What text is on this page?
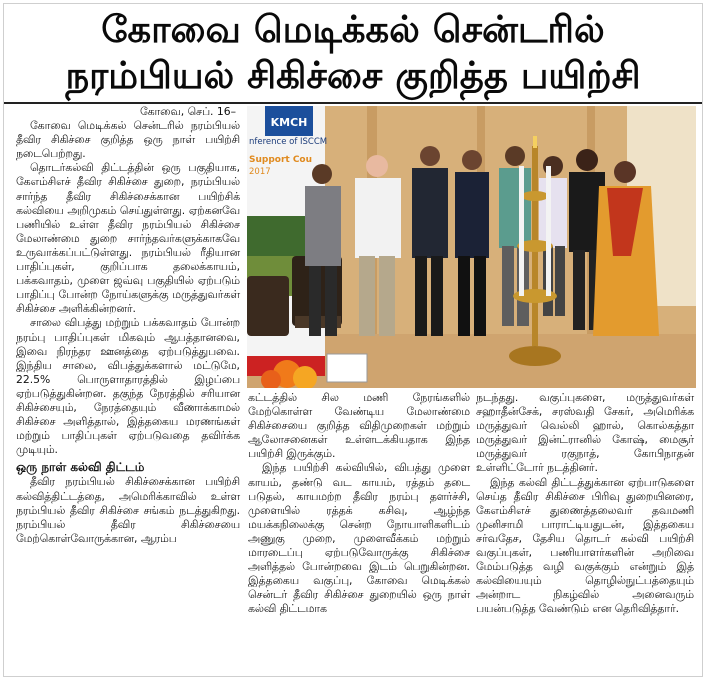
கோவை மெடிக்கல் சென்டரில்
நரம்பியல் சிகிச்சை குறித்த பயிற்சி

கோவை, செப். 16–

கோவை மெடிக்கல் சென்டரில் நரம்பியல் தீவிர சிகிச்சை குறித்த ஒரு நாள் பயிற்சி நடைபெற்றது.

தொடர்கல்வி திட்டத்தின் ஒரு பகுதியாக, கேஎம்சிஎச் தீவிர சிகிச்சை துறை, நரம்பியல் சார்ந்த தீவிர சிகிச்சைக்கான பயிற்சிக் கல்வியை அறிமுகம் செய்துள்ளது. ஏற்கனவே பணியில் உள்ள தீவிர நரம்பியல் சிகிச்சை மேலாண்மை துறை சார்ந்தவர்களுக்காகவே உருவாக்கப்பட்டுள்ளது. நரம்பியல் ரீதியான பாதிப்புகள், குறிப்பாக தலைக்காயம், பக்கவாதம், முளை ஜவ்வு பகுதியில் ஏற்படும் பாதிப்பு போன்ற நோய்களுக்கு மருத்துவர்கள் சிகிச்சை அளிக்கின்றனர்.

சாலை விபத்து மற்றும் பக்கவாதம் போன்ற நரம்பு பாதிப்புகள் மிகவும் ஆபத்தானவை, இவை நிரந்தர ஊனத்தை ஏற்படுத்துபவை. இந்திய சாலை, விபத்துக்களால் மட்டுமே, 22.5% பொருளாதாரத்தில் இழப்பை ஏற்படுத்துகின்றன. தகுந்த நேரத்தில் சரியான சிகிச்சையும், நேரத்தையும் வீணாக்காமல் சிகிச்சை அளித்தால், இத்தகைய மரணங்கள் மற்றும் பாதிப்புகள் ஏற்படுவதை தவிர்க்க முடியும்.

ஒரு நாள் கல்வி திட்டம்

தீவிர நரம்பியல் சிகிச்சைக்கான பயிற்சி கல்வித்திட்டத்தை, அமெரிக்காவில் உள்ள நரம்பியல் தீவிர சிகிச்சை சங்கம் நடத்துகிறது. நரம்பியல் தீவிர சிகிச்சையை மேற்கொள்வோருக்கான, ஆரம்ப

nference of ISCCM
Support Cou
2017
KMCH

கட்டத்தில் சில மணி நேரங்களில் மேற்கொள்ள வேண்டிய மேலாண்மை சிகிச்சையை குறித்த விதிமுறைகள் மற்றும் ஆலோசனைகள் உள்ளடக்கியதாக இந்த பயிற்சி இருக்கும்.

இந்த பயிற்சி கல்வியில், விபத்து முளை காயம், தண்டு வட காயம், ரத்தம் தடை படுதல், காயமற்ற தீவிர நரம்பு தளர்ச்சி, முளையில் ரத்தக் கசிவு, ஆழ்ந்த மயக்கநிலைக்கு சென்ற நோயாளிகளிடம் அணுகு முறை, முளைவீக்கம் மற்றும் மாரடைப்பு ஏற்படுவோருக்கு சிகிச்சை அளித்தல் போன்றவை இடம் பெறுகின்றன. இத்தகைய வகுப்பு, கோவை மெடிக்கல் சென்டர் தீவிர சிகிச்சை துறையில் ஒரு நாள் கல்வி திட்டமாக

நடந்தது. வகுப்புகளை, மருத்துவர்கள் சஹாதீன்சேக், சரஸ்வதி சேகர், அமெரிக்க மருத்துவர் வெல்லி ஹால், கொல்கத்தா மருத்துவர் இன்ட்ரானில் கோஷ், மைசூர் மருத்துவர் ரகுநாத், கோபிநாதன் உள்ளிட்டோர் நடத்தினர்.

இந்த கல்வி திட்டத்துக்கான ஏற்பாடுகளை செய்த தீவிர சிகிச்சை பிரிவு துறையினரை, கேஎம்சிஎச் துணைத்தலைவர் தவமணி முனிசாமி பாராட்டியதுடன், இத்தகைய சர்வதேச, தேசிய தொடர் கல்வி பயிற்சி வகுப்புகள், பணியாளர்களின் அறிவை மேம்படுத்த வழி வகுக்கும் என்றும் இத் கல்வியையும் தொழில்நுட்பத்தையும் அன்றாட நிகழ்வில் அனைவரும் பயன்படுத்த வேண்டும் என தெரிவித்தார்.
